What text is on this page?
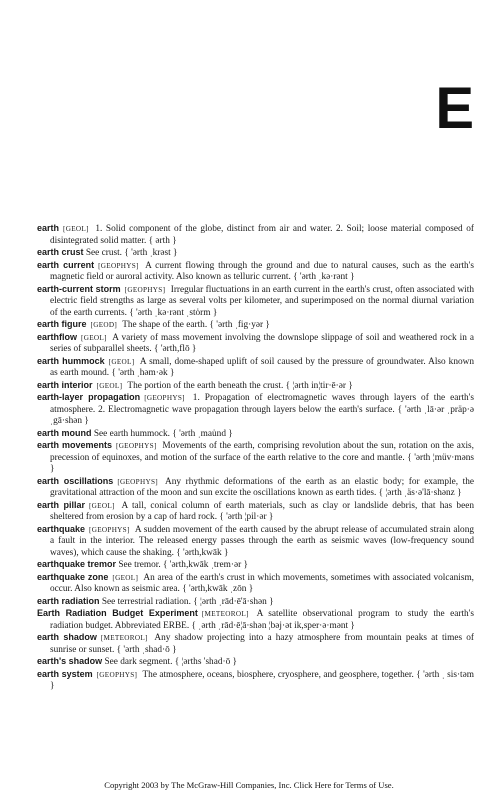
E

earth [GEOL] 1. Solid component of the globe, distinct from air and water. 2. Soil; loose material composed of disintegrated solid matter. { ərth }

earth crust See crust. { 'ərth ˌkrəst }

earth current [GEOPHYS] A current flowing through the ground and due to natural causes, such as the earth's magnetic field or auroral activity. Also known as telluric current. { 'ərth ˌkə·rənt }

earth-current storm [GEOPHYS] Irregular fluctuations in an earth current in the earth's crust, often associated with electric field strengths as large as several volts per kilometer, and superimposed on the normal diurnal variation of the earth currents. { 'ərth ˌkə·rənt ˌstȯrm }

earth figure [GEOD] The shape of the earth. { 'ərth ˌfig·yər }

earthflow [GEOL] A variety of mass movement involving the downslope slippage of soil and weathered rock in a series of subparallel sheets. { 'ərth,flō }

earth hummock [GEOL] A small, dome-shaped uplift of soil caused by the pressure of groundwater. Also known as earth mound. { 'ərth ˌhəm·ək }

earth interior [GEOL] The portion of the earth beneath the crust. { ¦ərth in¦tir·ē·ər }

earth-layer propagation [GEOPHYS] 1. Propagation of electromagnetic waves through layers of the earth's atmosphere. 2. Electromagnetic wave propagation through layers below the earth's surface. { 'ərth ˌlā·ər ˌpräp·əˌgā·shən }

earth mound See earth hummock. { 'ərth ˌmau̇nd }

earth movements [GEOPHYS] Movements of the earth, comprising revolution about the sun, rotation on the axis, precession of equinoxes, and motion of the surface of the earth relative to the core and mantle. { 'ərth ¦müv·məns }

earth oscillations [GEOPHYS] Any rhythmic deformations of the earth as an elastic body; for example, the gravitational attraction of the moon and sun excite the oscillations known as earth tides. { ¦ərth ˌäs·ə'lā·shənz }

earth pillar [GEOL] A tall, conical column of earth materials, such as clay or landslide debris, that has been sheltered from erosion by a cap of hard rock. { 'ərth ¦pil·ər }

earthquake [GEOPHYS] A sudden movement of the earth caused by the abrupt release of accumulated strain along a fault in the interior. The released energy passes through the earth as seismic waves (low-frequency sound waves), which cause the shaking. { 'ərth,kwāk }

earthquake tremor See tremor. { 'ərth,kwāk ˌtrem·ər }

earthquake zone [GEOL] An area of the earth's crust in which movements, sometimes with associated volcanism, occur. Also known as seismic area. { 'ərth,kwāk ˌzōn }

earth radiation See terrestrial radiation. { ¦ərth ˌrād·ē'ā·shən }

Earth Radiation Budget Experiment [METEOROL] A satellite observational program to study the earth's radiation budget. Abbreviated ERBE. { ˌərth ˌrād·ē¦ā·shən ¦bəj·ət ik,sper·ə·mənt }

earth shadow [METEOROL] Any shadow projecting into a hazy atmosphere from mountain peaks at times of sunrise or sunset. { 'ərth ˌshad·ō }

earth's shadow See dark segment. { ¦ərths 'shad·ō }

earth system [GEOPHYS] The atmosphere, oceans, biosphere, cryosphere, and geosphere, together. { 'ərth ˌ sis·təm }

Copyright 2003 by The McGraw-Hill Companies, Inc. Click Here for Terms of Use.
